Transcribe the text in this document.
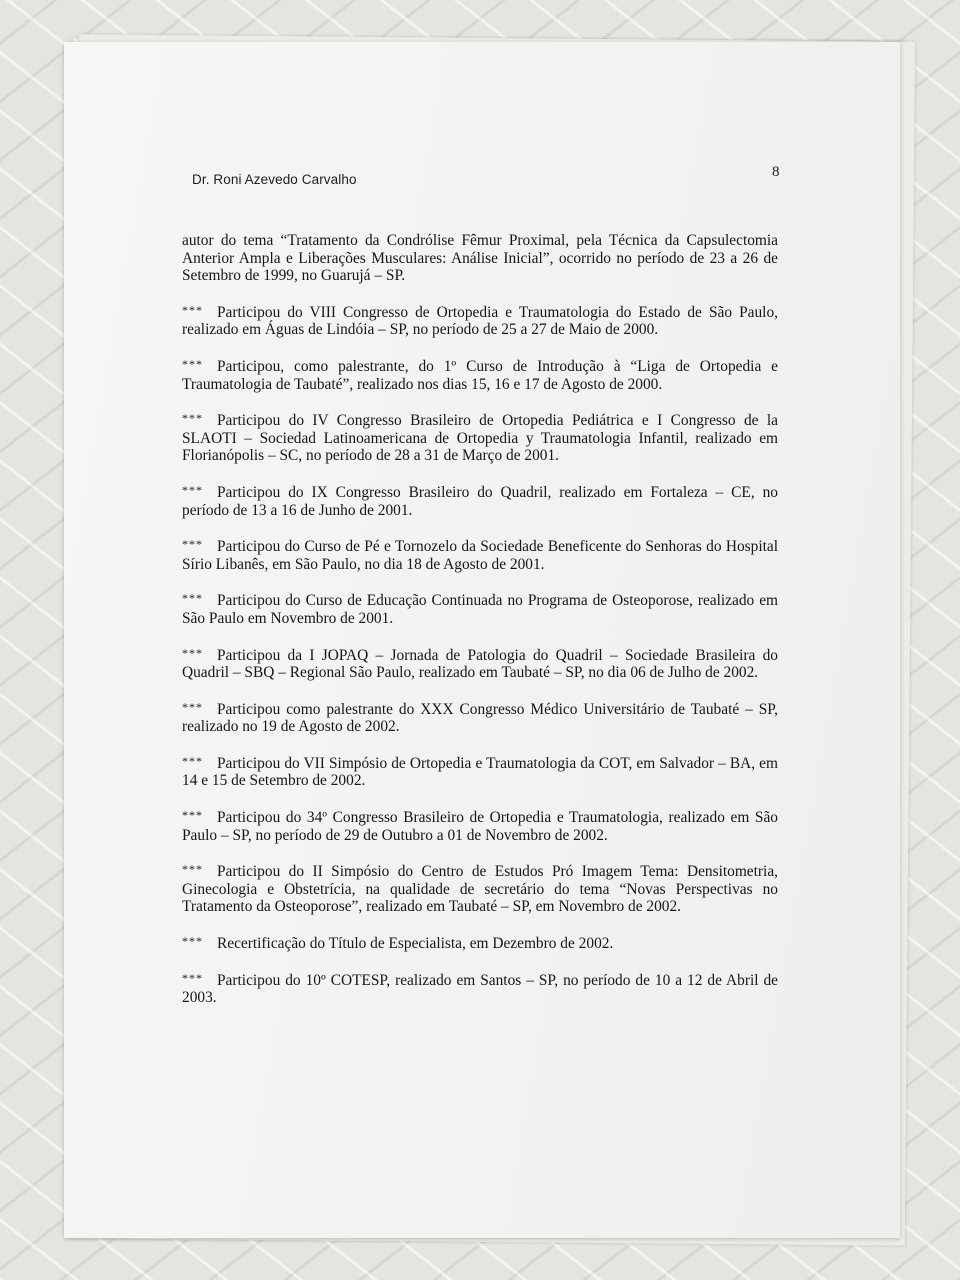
Dr. Roni Azevedo Carvalho	8

autor do tema “Tratamento da Condrólise Fêmur Proximal, pela Técnica da Capsulectomia Anterior Ampla e Liberações Musculares: Análise Inicial”, ocorrido no período de 23 a 26 de Setembro de 1999, no Guarujá – SP.

*** Participou do VIII Congresso de Ortopedia e Traumatologia do Estado de São Paulo, realizado em Águas de Lindóia – SP, no período de 25 a 27 de Maio de 2000.

*** Participou, como palestrante, do 1º Curso de Introdução à “Liga de Ortopedia e Traumatologia de Taubaté”, realizado nos dias 15, 16 e 17 de Agosto de 2000.

*** Participou do IV Congresso Brasileiro de Ortopedia Pediátrica e I Congresso de la SLAOTI – Sociedad Latinoamericana de Ortopedia y Traumatologia Infantil, realizado em Florianópolis – SC, no período de 28 a 31 de Março de 2001.

*** Participou do IX Congresso Brasileiro do Quadril, realizado em Fortaleza – CE, no período de 13 a 16 de Junho de 2001.

*** Participou do Curso de Pé e Tornozelo da Sociedade Beneficente do Senhoras do Hospital Sírio Libanês, em São Paulo, no dia 18 de Agosto de 2001.

*** Participou do Curso de Educação Continuada no Programa de Osteoporose, realizado em São Paulo em Novembro de 2001.

*** Participou da I JOPAQ – Jornada de Patologia do Quadril – Sociedade Brasileira do Quadril – SBQ – Regional São Paulo, realizado em Taubaté – SP, no dia 06 de Julho de 2002.

*** Participou como palestrante do XXX Congresso Médico Universitário de Taubaté – SP, realizado no 19 de Agosto de 2002.

*** Participou do VII Simpósio de Ortopedia e Traumatologia da COT, em Salvador – BA, em 14 e 15 de Setembro de 2002.

*** Participou do 34º Congresso Brasileiro de Ortopedia e Traumatologia, realizado em São Paulo – SP, no período de 29 de Outubro a 01 de Novembro de 2002.

*** Participou do II Simpósio do Centro de Estudos Pró Imagem Tema: Densitometria, Ginecologia e Obstetrícia, na qualidade de secretário do tema “Novas Perspectivas no Tratamento da Osteoporose”, realizado em Taubaté – SP, em Novembro de 2002.

*** Recertificação do Título de Especialista, em Dezembro de 2002.

*** Participou do 10º COTESP, realizado em Santos – SP, no período de 10 a 12 de Abril de 2003.
